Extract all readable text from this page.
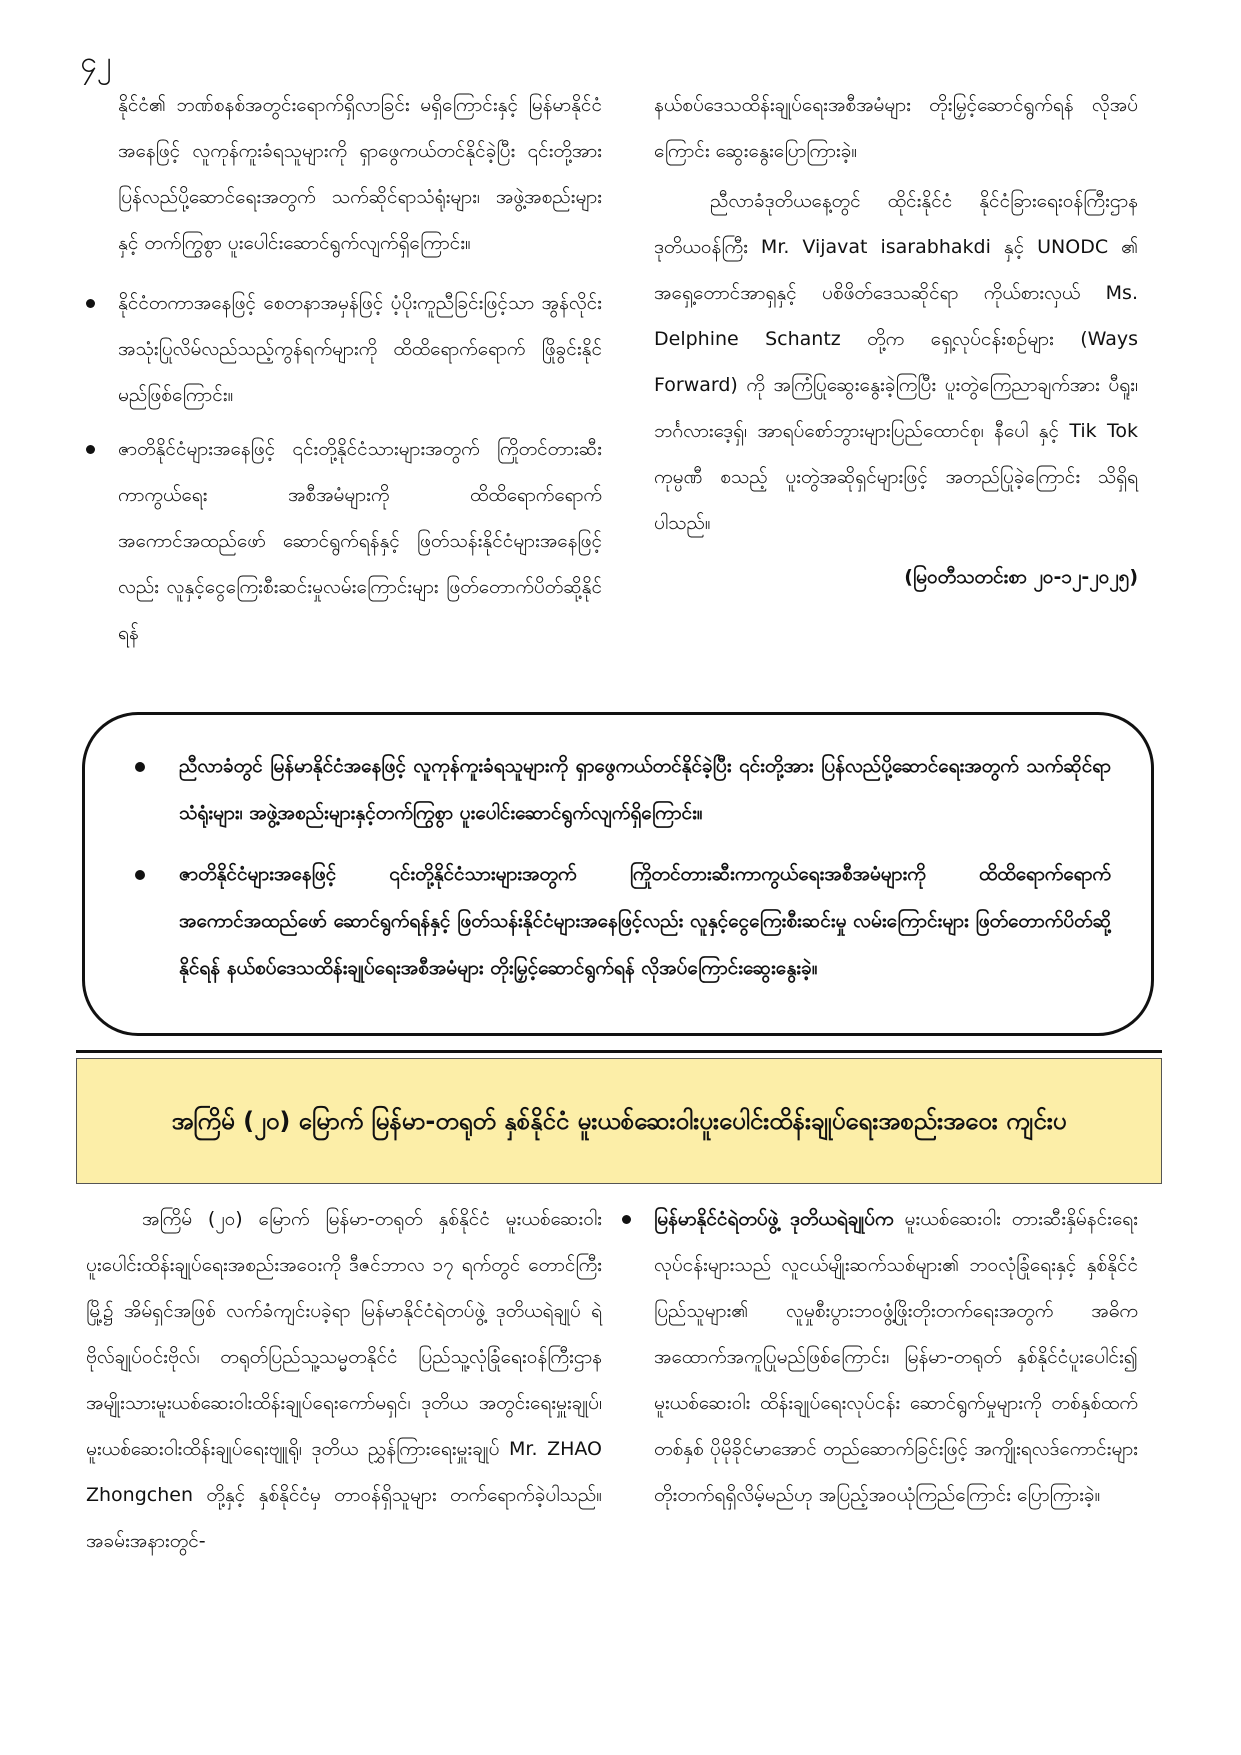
၄၂

နိုင်ငံ၏ ဘဏ်စနစ်အတွင်းရောက်ရှိလာခြင်း မရှိကြောင်းနှင့် မြန်မာနိုင်ငံအနေဖြင့် လူကုန်ကူးခံရသူများကို ရှာဖွေကယ်တင်နိုင်ခဲ့ပြီး ၎င်းတို့အား ပြန်လည်ပို့ဆောင်ရေးအတွက် သက်ဆိုင်ရာသံရုံးများ၊ အဖွဲ့အစည်းများနှင့် တက်ကြွစွာ ပူးပေါင်းဆောင်ရွက်လျက်ရှိကြောင်း။

နိုင်ငံတကာအနေဖြင့် စေတနာအမှန်ဖြင့် ပံ့ပိုးကူညီခြင်းဖြင့်သာ အွန်လိုင်းအသုံးပြုလိမ်လည်သည့်ကွန်ရက်များကို ထိထိရောက်ရောက် ဖြိုခွင်းနိုင်မည်ဖြစ်ကြောင်း။

ဇာတိနိုင်ငံများအနေဖြင့် ၎င်းတို့နိုင်ငံသားများအတွက် ကြိုတင်တားဆီးကာကွယ်ရေး အစီအမံများကို ထိထိရောက်ရောက် အကောင်အထည်ဖော် ဆောင်ရွက်ရန်နှင့် ဖြတ်သန်းနိုင်ငံများအနေဖြင့်လည်း လူနှင့်ငွေကြေးစီးဆင်းမှုလမ်းကြောင်းများ ဖြတ်တောက်ပိတ်ဆို့နိုင်ရန်

နယ်စပ်ဒေသထိန်းချုပ်ရေးအစီအမံများ တိုးမြှင့်ဆောင်ရွက်ရန် လိုအပ်ကြောင်း ဆွေးနွေးပြောကြားခဲ့။

ညီလာခံဒုတိယနေ့တွင် ထိုင်းနိုင်ငံ နိုင်ငံခြားရေးဝန်ကြီးဌာန ဒုတိယဝန်ကြီး Mr. Vijavat isarabhakdi နှင့် UNODC ၏ အရှေ့တောင်အာရှနှင့် ပစိဖိတ်ဒေသဆိုင်ရာ ကိုယ်စားလှယ် Ms. Delphine Schantz တို့က ရှေ့လုပ်ငန်းစဉ်များ (Ways Forward) ကို အကြံပြုဆွေးနွေးခဲ့ကြပြီး ပူးတွဲကြေညာချက်အား ပီရူး၊ ဘင်္ဂလားဒေ့ရှ်၊ အာရပ်စော်ဘွားများပြည်ထောင်စု၊ နီပေါ နှင့် Tik Tok ကုမ္ပဏီ စသည့် ပူးတွဲအဆိုရှင်များဖြင့် အတည်ပြုခဲ့ကြောင်း သိရှိရပါသည်။

(မြဝတီသတင်းစာ ၂၀-၁၂-၂၀၂၅)

ညီလာခံတွင် မြန်မာနိုင်ငံအနေဖြင့် လူကုန်ကူးခံရသူများကို ရှာဖွေကယ်တင်နိုင်ခဲ့ပြီး ၎င်းတို့အား ပြန်လည်ပို့ဆောင်ရေးအတွက် သက်ဆိုင်ရာသံရုံးများ၊ အဖွဲ့အစည်းများနှင့်တက်ကြွစွာ ပူးပေါင်းဆောင်ရွက်လျက်ရှိကြောင်း။
ဇာတိနိုင်ငံများအနေဖြင့် ၎င်းတို့နိုင်ငံသားများအတွက် ကြိုတင်တားဆီးကာကွယ်ရေးအစီအမံများကို ထိထိရောက်ရောက် အကောင်အထည်ဖော် ဆောင်ရွက်ရန်နှင့် ဖြတ်သန်းနိုင်ငံများအနေဖြင့်လည်း လူနှင့်ငွေကြေးစီးဆင်းမှု လမ်းကြောင်းများ ဖြတ်တောက်ပိတ်ဆို့နိုင်ရန် နယ်စပ်ဒေသထိန်းချုပ်ရေးအစီအမံများ တိုးမြှင့်ဆောင်ရွက်ရန် လိုအပ်ကြောင်းဆွေးနွေးခဲ့။
အကြိမ် (၂၀) မြောက် မြန်မာ-တရုတ် နှစ်နိုင်ငံ မူးယစ်ဆေးဝါးပူးပေါင်းထိန်းချုပ်ရေးအစည်းအဝေး ကျင်းပ

အကြိမ် (၂၀) မြောက် မြန်မာ-တရုတ် နှစ်နိုင်ငံ မူးယစ်ဆေးဝါးပူးပေါင်းထိန်းချုပ်ရေးအစည်းအဝေးကို ဒီဇင်ဘာလ ၁၇ ရက်တွင် တောင်ကြီးမြို့၌ အိမ်ရှင်အဖြစ် လက်ခံကျင်းပခဲ့ရာ မြန်မာနိုင်ငံရဲတပ်ဖွဲ့ ဒုတိယရဲချုပ် ရဲဗိုလ်ချုပ်ဝင်းဗိုလ်၊ တရုတ်ပြည်သူ့သမ္မတနိုင်ငံ ပြည်သူ့လုံခြုံရေးဝန်ကြီးဌာန အမျိုးသားမူးယစ်ဆေးဝါးထိန်းချုပ်ရေးကော်မရှင်၊ ဒုတိယ အတွင်းရေးမှူးချုပ်၊ မူးယစ်ဆေးဝါးထိန်းချုပ်ရေးဗျူရို၊ ဒုတိယ ညွှန်ကြားရေးမှူးချုပ် Mr. ZHAO Zhongchen တို့နှင့် နှစ်နိုင်ငံမှ တာဝန်ရှိသူများ တက်ရောက်ခဲ့ပါသည်။ အခမ်းအနားတွင်-

မြန်မာနိုင်ငံရဲတပ်ဖွဲ့ ဒုတိယရဲချုပ်က မူးယစ်ဆေးဝါး တားဆီးနှိမ်နင်းရေးလုပ်ငန်းများသည် လူငယ်မျိုးဆက်သစ်များ၏ ဘဝလုံခြုံရေးနှင့် နှစ်နိုင်ငံပြည်သူများ၏ လူမှုစီးပွားဘဝဖွံ့ဖြိုးတိုးတက်ရေးအတွက် အဓိကအထောက်အကူပြုမည်ဖြစ်ကြောင်း၊ မြန်မာ-တရုတ် နှစ်နိုင်ငံပူးပေါင်း၍ မူးယစ်ဆေးဝါး ထိန်းချုပ်ရေးလုပ်ငန်း ဆောင်ရွက်မှုများကို တစ်နှစ်ထက်တစ်နှစ် ပိုမိုခိုင်မာအောင် တည်ဆောက်ခြင်းဖြင့် အကျိုးရလဒ်ကောင်းများ တိုးတက်ရရှိလိမ့်မည်ဟု အပြည့်အဝယုံကြည်ကြောင်း ပြောကြားခဲ့။
